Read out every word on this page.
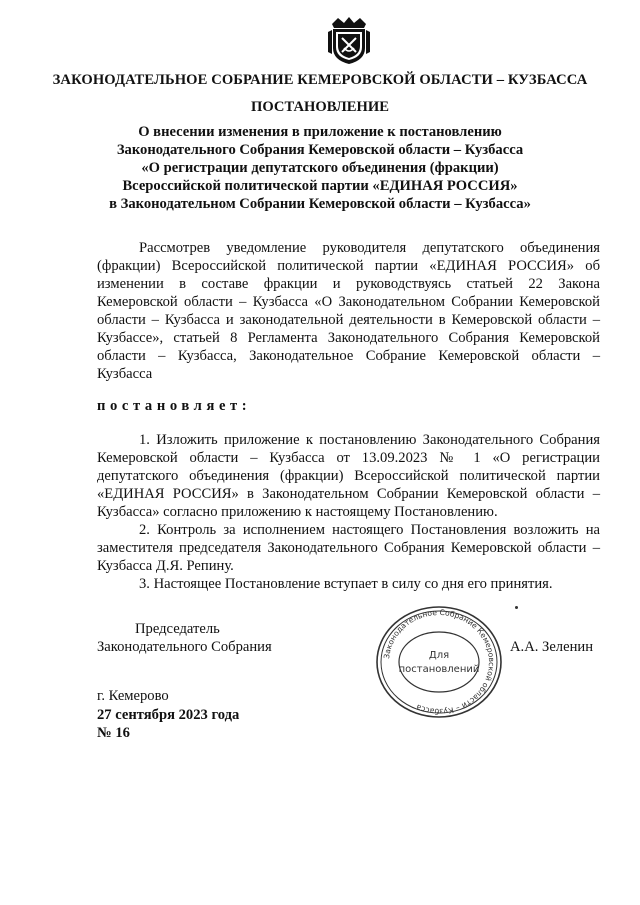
ЗАКОНОДАТЕЛЬНОЕ СОБРАНИЕ КЕМЕРОВСКОЙ ОБЛАСТИ – КУЗБАССА
ПОСТАНОВЛЕНИЕ
О внесении изменения в приложение к постановлению
Законодательного Собрания Кемеровской области – Кузбасса
«О регистрации депутатского объединения (фракции)
Всероссийской политической партии «ЕДИНАЯ РОССИЯ»
в Законодательном Собрании Кемеровской области – Кузбасса»
Рассмотрев уведомление руководителя депутатского объединения
(фракции) Всероссийской политической партии «ЕДИНАЯ РОССИЯ» об
изменении в составе фракции и руководствуясь статьей 22 Закона
Кемеровской области – Кузбасса «О Законодательном Собрании Кемеровской
области – Кузбасса и законодательной деятельности в Кемеровской области –
Кузбассе», статьей 8 Регламента Законодательного Собрания Кемеровской
области – Кузбасса, Законодательное Собрание Кемеровской области –
Кузбасса
постановляет:
1. Изложить приложение к постановлению Законодательного Собрания
Кемеровской области – Кузбасса от 13.09.2023 № 1 «О регистрации
депутатского объединения (фракции) Всероссийской политической партии
«ЕДИНАЯ РОССИЯ» в Законодательном Собрании Кемеровской области –
Кузбасса» согласно приложению к настоящему Постановлению.
2. Контроль за исполнением настоящего Постановления возложить на
заместителя председателя Законодательного Собрания Кемеровской области –
Кузбасса Д.Я. Репину.
3. Настоящее Постановление вступает в силу со дня его принятия.
Председатель
Законодательного Собрания	А.А. Зеленин
Законодательное Собрание Кемеровской области – Кузбасса
Для
постановлений
г. Кемерово
27 сентября 2023 года
№ 16
